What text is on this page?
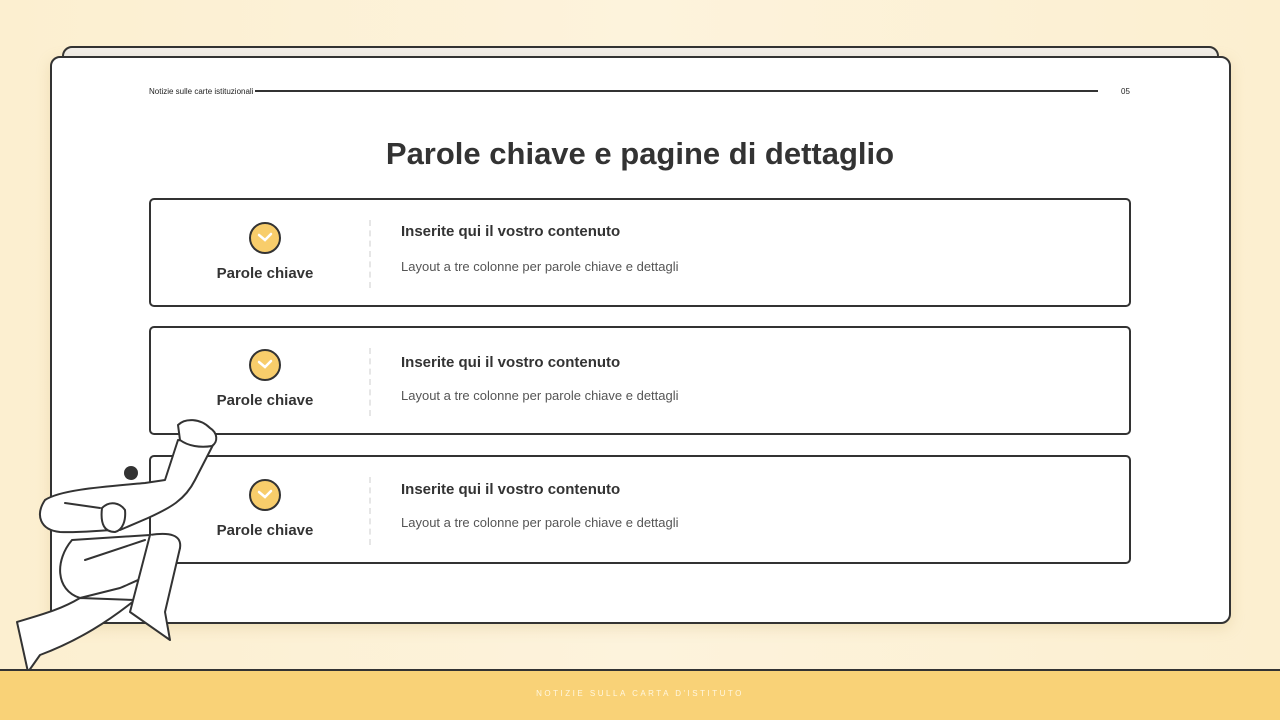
Notizie sulle carte istituzionali	05
Parole chiave e pagine di dettaglio
Parole chiave
Inserite qui il vostro contenuto
Layout a tre colonne per parole chiave e dettagli
Parole chiave
Inserite qui il vostro contenuto
Layout a tre colonne per parole chiave e dettagli
Parole chiave
Inserite qui il vostro contenuto
Layout a tre colonne per parole chiave e dettagli
NOTIZIE SULLA CARTA D'ISTITUTO
